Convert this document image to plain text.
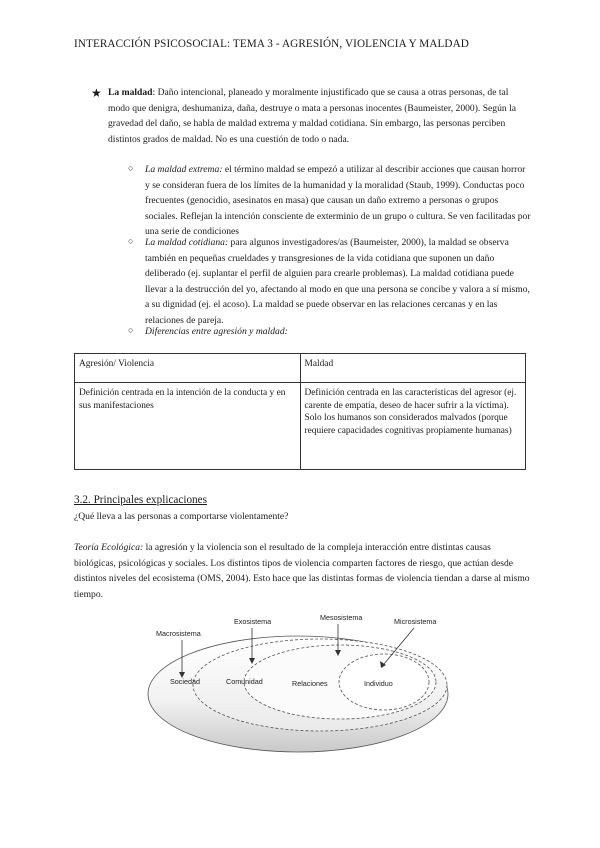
INTERACCIÓN PSICOSOCIAL: TEMA 3 - AGRESIÓN, VIOLENCIA Y MALDAD
★ La maldad: Daño intencional, planeado y moralmente injustificado que se causa a otras personas, de tal modo que denigra, deshumaniza, daña, destruye o mata a personas inocentes (Baumeister, 2000). Según la gravedad del daño, se habla de maldad extrema y maldad cotidiana. Sin embargo, las personas perciben distintos grados de maldad. No es una cuestión de todo o nada.
○ La maldad extrema: el término maldad se empezó a utilizar al describir acciones que causan horror y se consideran fuera de los límites de la humanidad y la moralidad (Staub, 1999). Conductas poco frecuentes (genocidio, asesinatos en masa) que causan un daño extremo a personas o grupos sociales. Reflejan la intención consciente de exterminio de un grupo o cultura. Se ven facilitadas por una serie de condiciones
○ La maldad cotidiana: para algunos investigadores/as (Baumeister, 2000), la maldad se observa también en pequeñas crueldades y transgresiones de la vida cotidiana que suponen un daño deliberado (ej. suplantar el perfil de alguien para crearle problemas). La maldad cotidiana puede llevar a la destrucción del yo, afectando al modo en que una persona se concibe y valora a sí mismo, a su dignidad (ej. el acoso). La maldad se puede observar en las relaciones cercanas y en las relaciones de pareja.
○ Diferencias entre agresión y maldad:
Agresión/ Violencia	Maldad
Definición centrada en la intención de la conducta y en sus manifestaciones	Definición centrada en las características del agresor (ej. carente de empatía, deseo de hacer sufrir a la víctima).
Solo los humanos son considerados malvados (porque requiere capacidades cognitivas propiamente humanas)
3.2. Principales explicaciones
¿Qué lleva a las personas a comportarse violentamente?
Teoría Ecológica: la agresión y la violencia son el resultado de la compleja interacción entre distintas causas biológicas, psicológicas y sociales. Los distintos tipos de violencia comparten factores de riesgo, que actúan desde distintos niveles del ecosistema (OMS, 2004). Esto hace que las distintas formas de violencia tiendan a darse al mismo tiempo.
Macrosistema
Exosistema	Mesosistema	Microsistema
Sociedad	Comunidad	Relaciones	Individuo
